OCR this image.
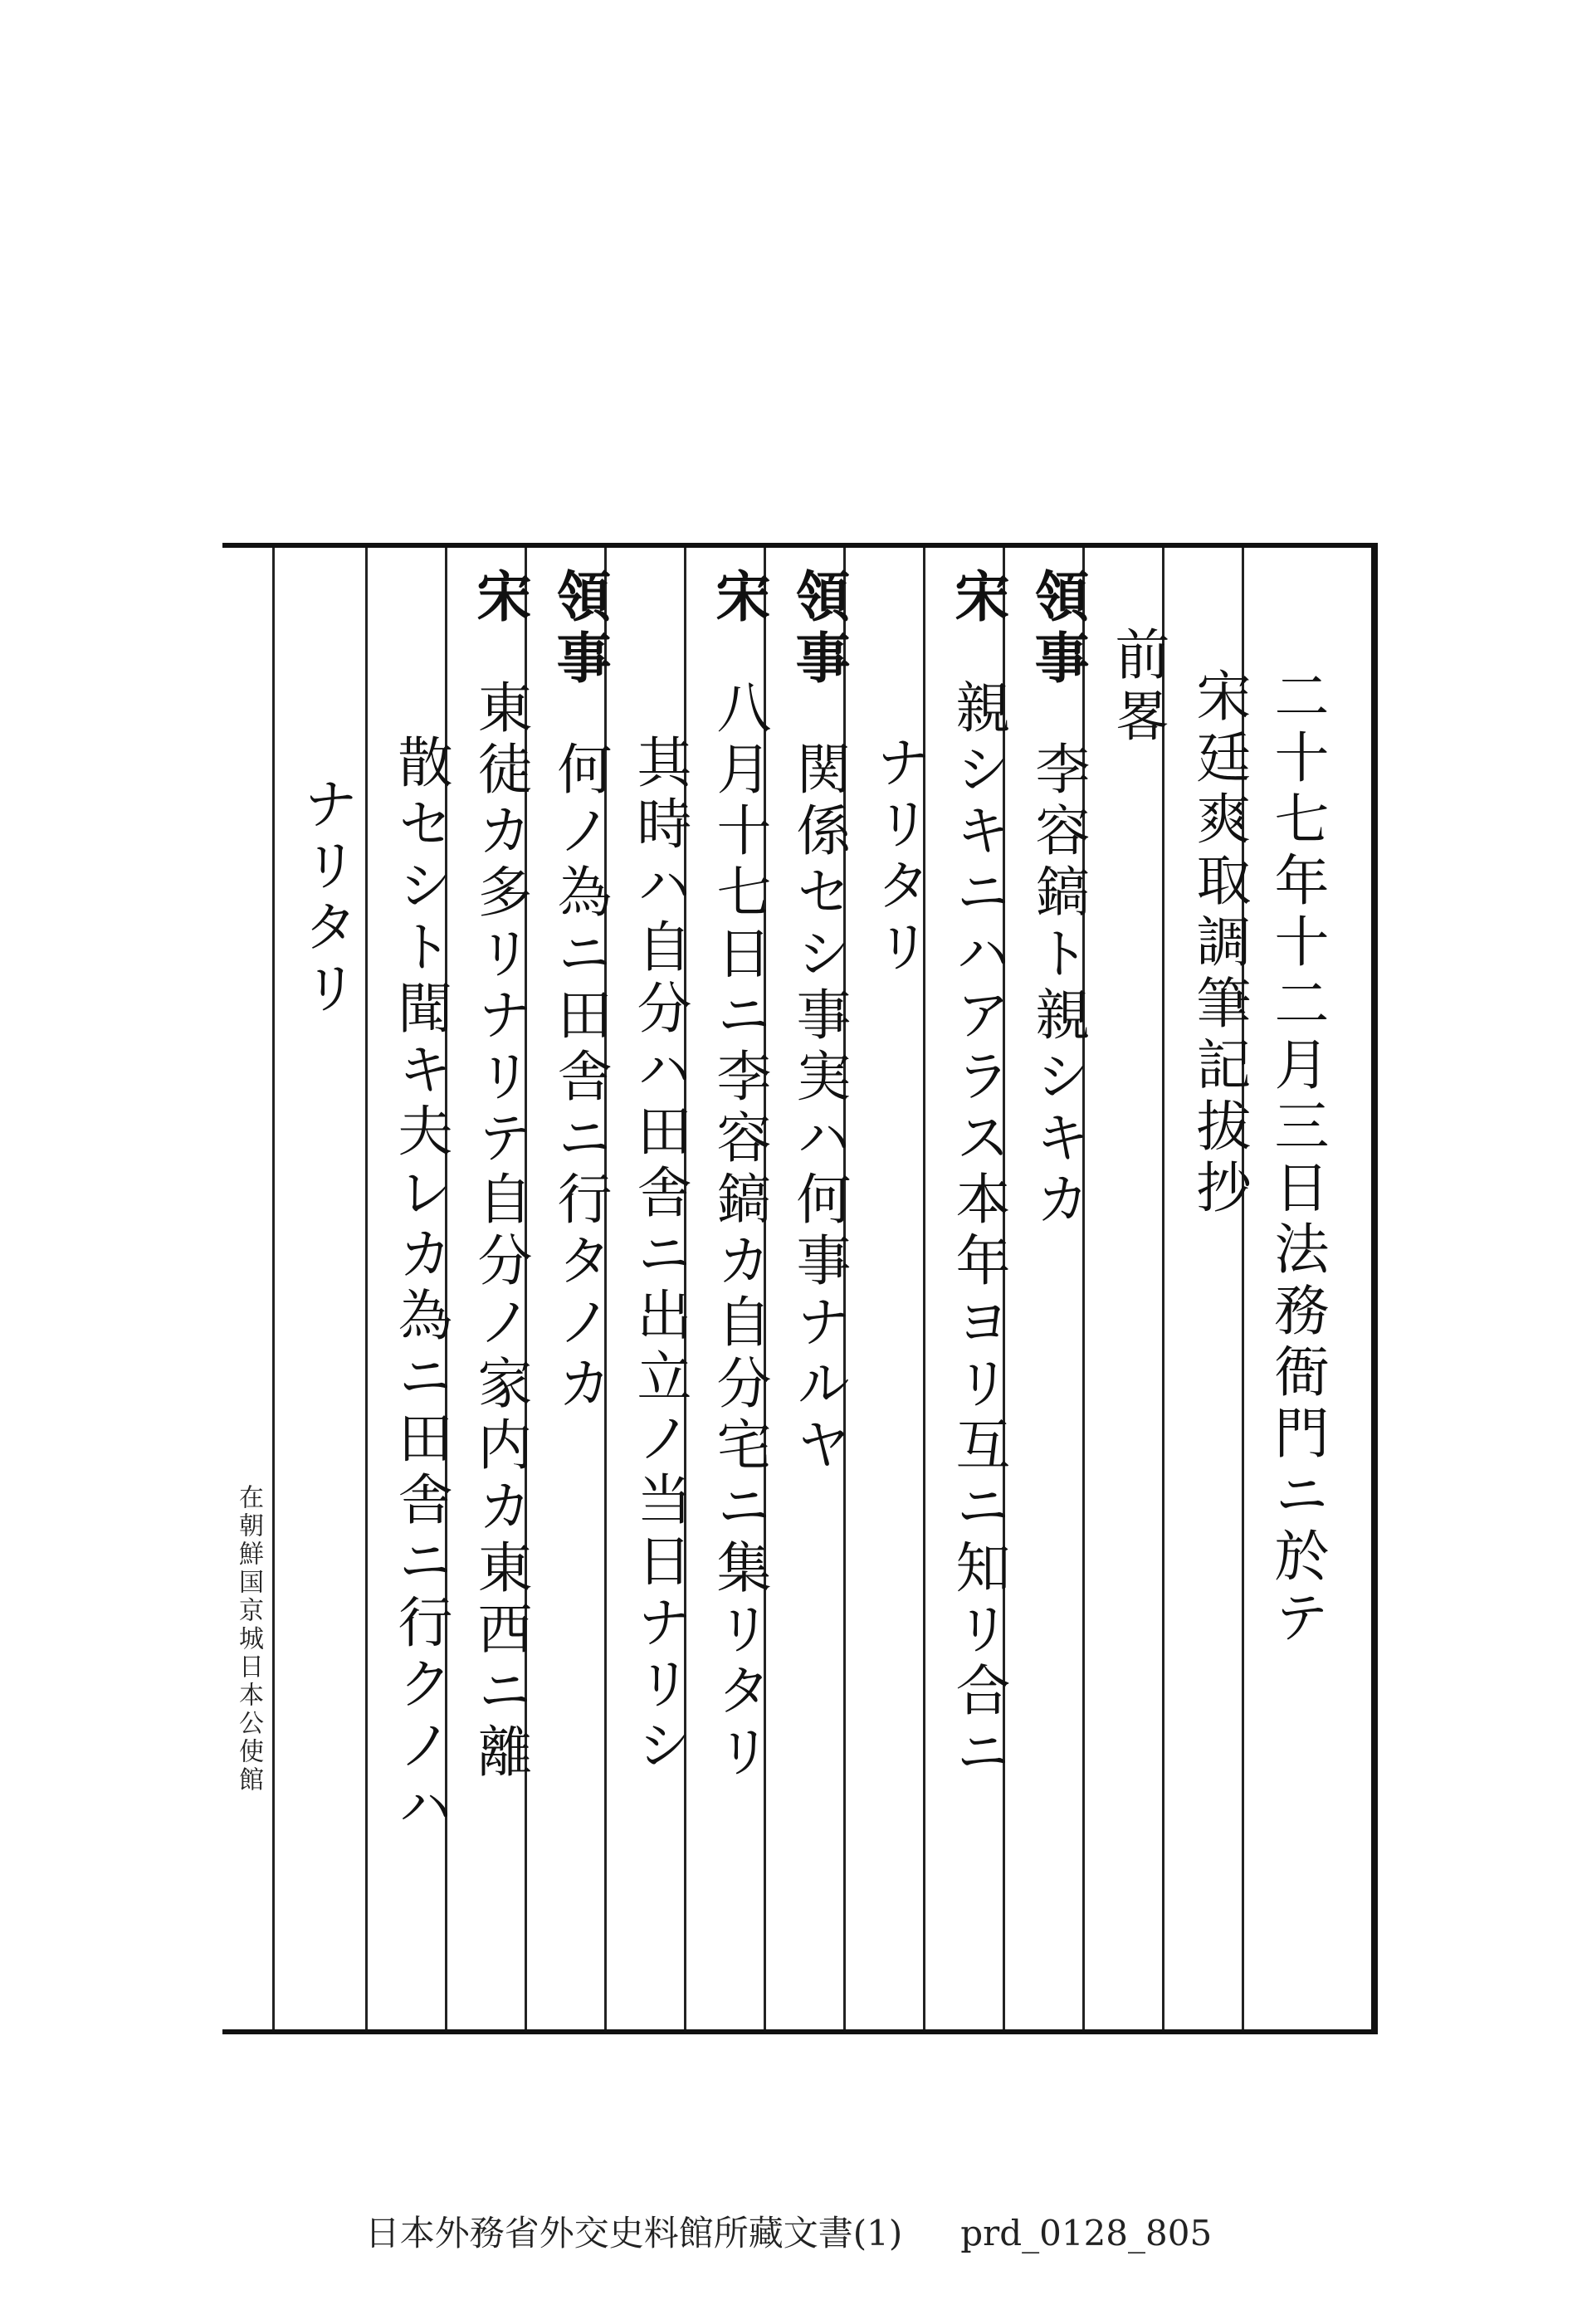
二十七年十二月三日法務衙門ニ於テ
宋廷爽取調筆記拔抄
前畧
領事李容鎬ト親シキカ
宋親シキニハアラス本年ヨリ互ニ知リ合ニ
ナリタリ
領事関係セシ事実ハ何事ナルヤ
宋八月十七日ニ李容鎬カ自分宅ニ集リタリ
其時ハ自分ハ田舎ニ出立ノ当日ナリシ
領事何ノ為ニ田舎ニ行タノカ
宋東徒カ多リナリテ自分ノ家内カ東西ニ離
散セシト聞キ夫レカ為ニ田舎ニ行クノハ
ナリタリ
在朝鮮国京城日本公使館
日本外務省外交史料館所藏文書(1) prd_0128_805
